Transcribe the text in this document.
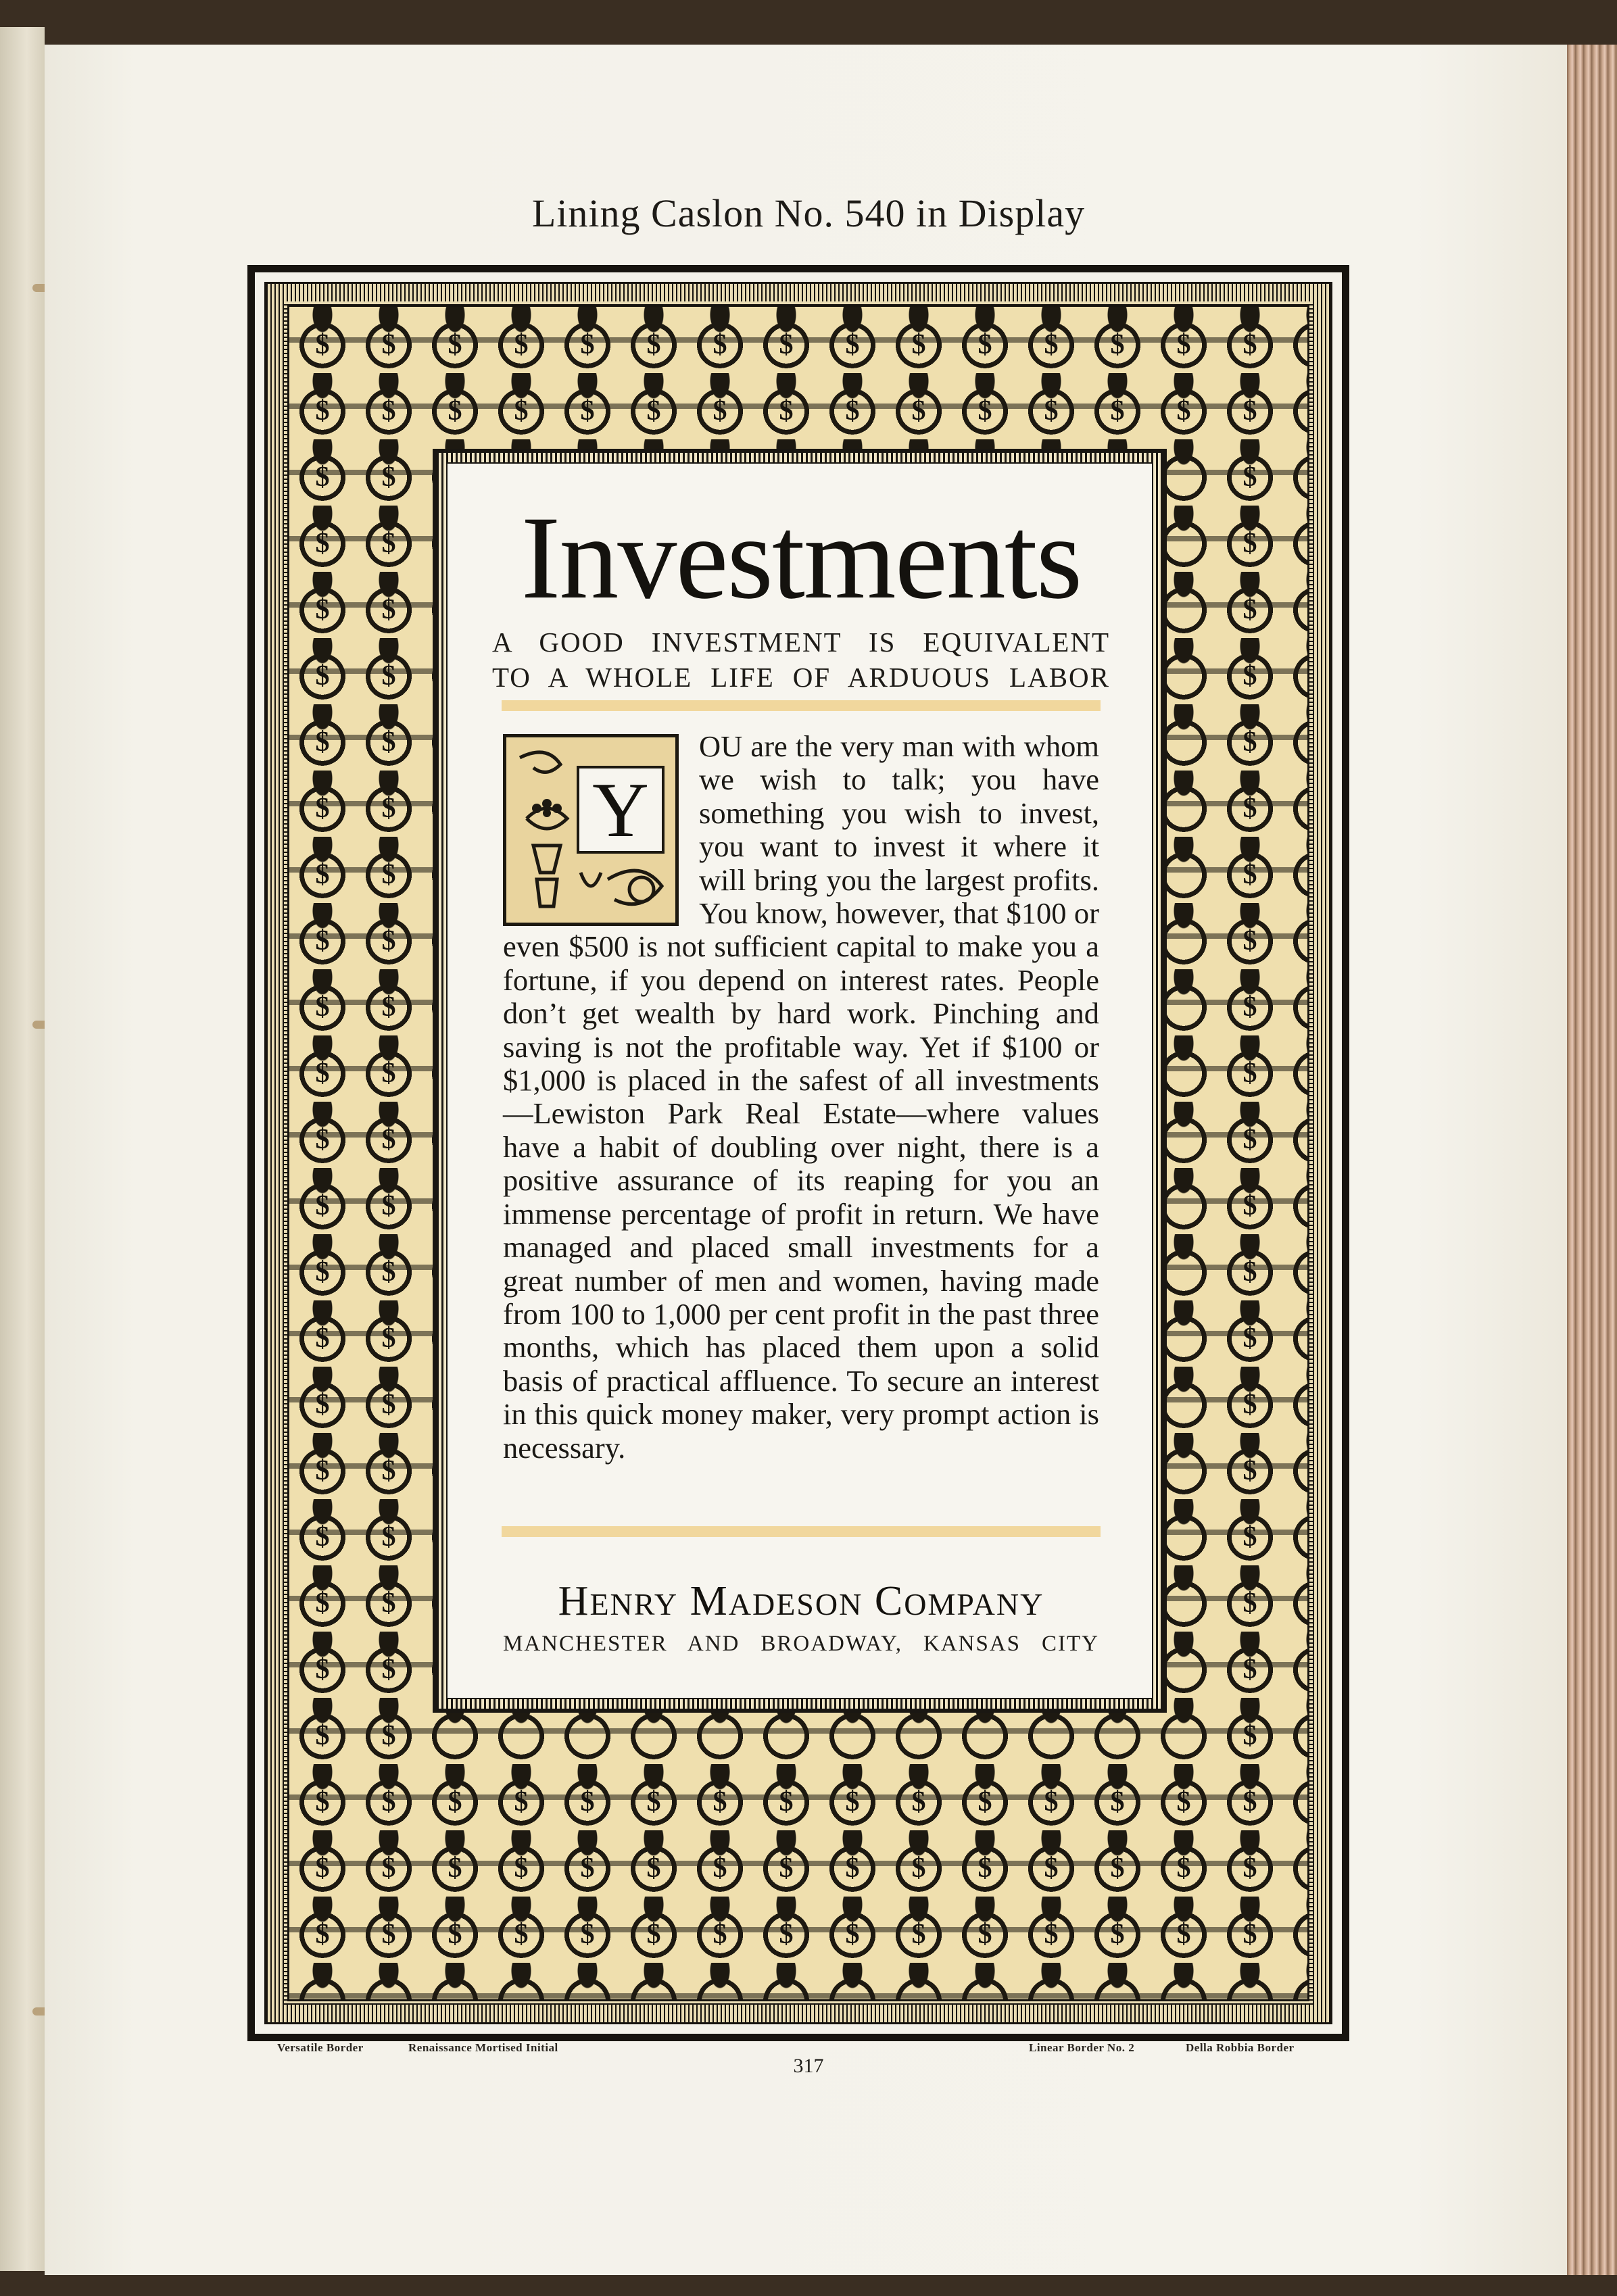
Lining Caslon No. 540 in Display
$ $ $ $ $ $ $ $ $ $ $ $ $ $ $
$ $ $ $ $ $ $ $ $ $ $ $ $ $ $
$ $	$
$ $	$
$ $	$
$ $	$
$ $	$
$ $	$
$ $	$
$ $	$
$ $	$
$ $	$
$ $	$
$ $	$
$ $	$
$ $	$
$ $	$
$ $	$
$ $	$
$ $	$
$ $	$
$ $	$
$ $ $ $ $ $ $ $ $ $ $ $ $ $ $
$ $ $ $ $ $ $ $ $ $ $ $ $ $ $
$ $ $ $ $ $ $ $ $ $ $ $ $ $ $
Investments
A GOOD INVESTMENT IS EQUIVALENT
TO A WHOLE LIFE OF ARDUOUS LABOR

OU are the very man with whom we wish to talk; you have something you wish to invest, you want to invest it where it will bring you the largest profits. You know, however, that $100 or even $500 is not sufficient capital to make you a fortune, if you depend on interest rates. People don’t get wealth by hard work. Pinching and saving is not the profitable way. Yet if $100 or $1,000 is placed in the safest of all investments—Lewiston Park Real Estate—where values have a habit of doubling over night, there is a positive assurance of its reaping for you an immense percentage of profit in return. We have managed and placed small investments for a great number of men and women, having made from 100 to 1,000 per cent profit in the past three months, which has placed them upon a solid basis of practical affluence. To secure an interest in this quick money maker, very prompt action is necessary.

Y
HENRY MADESON COMPANY
MANCHESTER AND BROADWAY, KANSAS CITY
Versatile Border	Renaissance Mortised Initial	Linear Border No. 2	Della Robbia Border
317
